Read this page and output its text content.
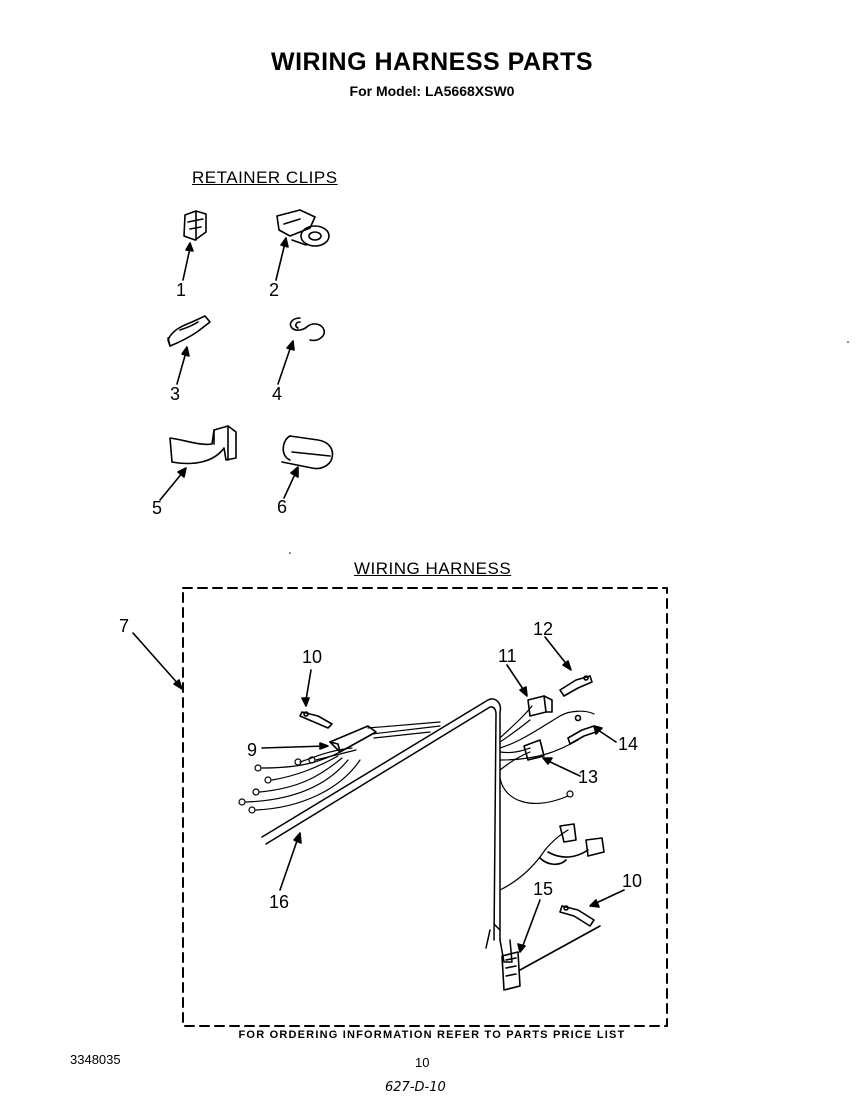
WIRING HARNESS PARTS
For Model: LA5668XSW0
RETAINER CLIPS
WIRING HARNESS
1	2
3	4
5	6
7
10
9
11
12
14
13
10
15
16
FOR ORDERING INFORMATION REFER TO PARTS PRICE LIST
3348035	10
627-D-10
